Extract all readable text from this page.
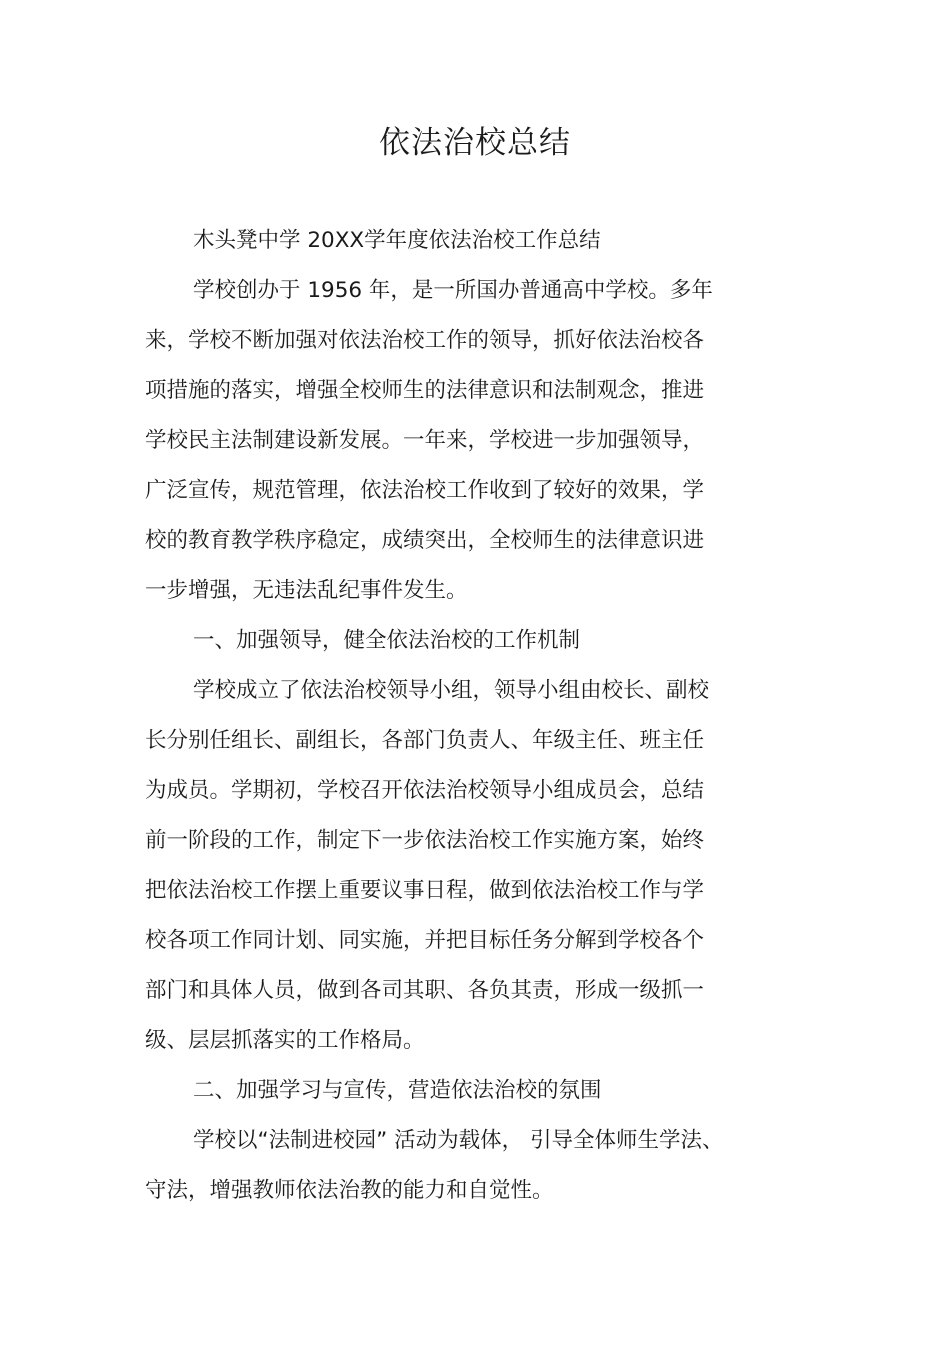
依法治校总结
木头凳中学 20XX学年度依法治校工作总结
学校创办于 1956 年，是一所国办普通高中学校。多年
来，学校不断加强对依法治校工作的领导，抓好依法治校各
项措施的落实，增强全校师生的法律意识和法制观念，推进
学校民主法制建设新发展。一年来，学校进一步加强领导，
广泛宣传，规范管理，依法治校工作收到了较好的效果，学
校的教育教学秩序稳定，成绩突出，全校师生的法律意识进
一步增强，无违法乱纪事件发生。
一、加强领导，健全依法治校的工作机制
学校成立了依法治校领导小组，领导小组由校长、副校
长分别任组长、副组长，各部门负责人、年级主任、班主任
为成员。学期初，学校召开依法治校领导小组成员会，总结
前一阶段的工作，制定下一步依法治校工作实施方案，始终
把依法治校工作摆上重要议事日程，做到依法治校工作与学
校各项工作同计划、同实施，并把目标任务分解到学校各个
部门和具体人员，做到各司其职、各负其责，形成一级抓一
级、层层抓落实的工作格局。
二、加强学习与宣传，营造依法治校的氛围
学校以“法制进校园” 活动为载体， 引导全体师生学法、
守法，增强教师依法治教的能力和自觉性。
